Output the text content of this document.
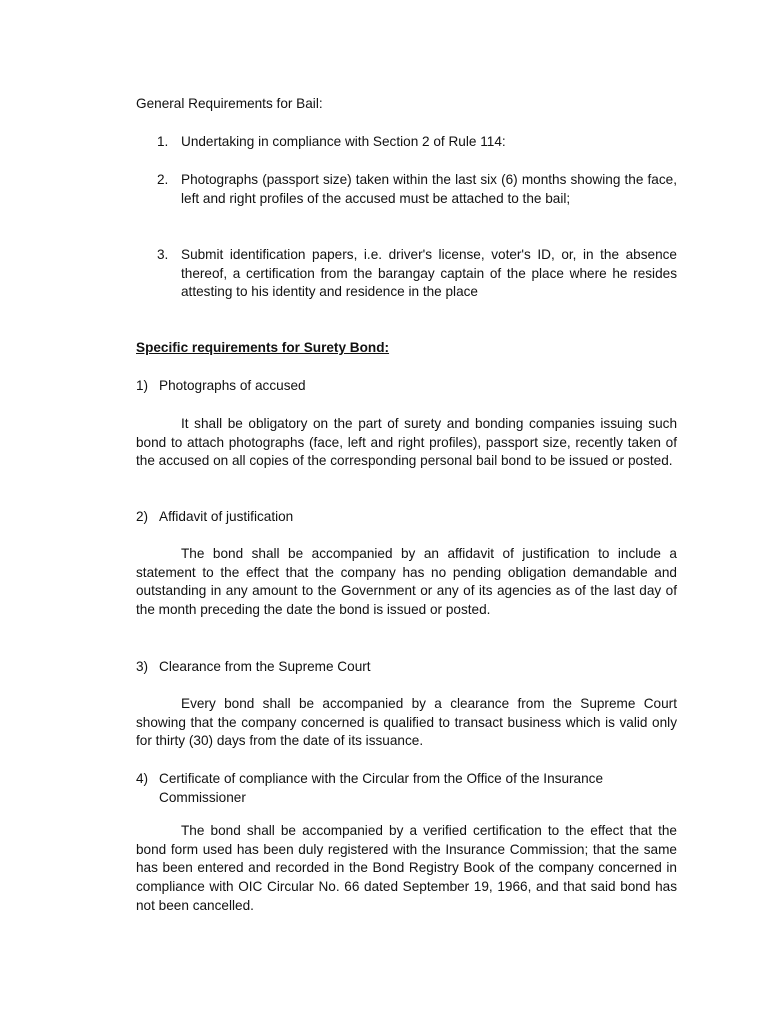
General Requirements for Bail:

1. Undertaking in compliance with Section 2 of Rule 114:
2. Photographs (passport size) taken within the last six (6) months showing the face, left and right profiles of the accused must be attached to the bail;
3. Submit identification papers, i.e. driver's license, voter's ID, or, in the absence thereof, a certification from the barangay captain of the place where he resides attesting to his identity and residence in the place

Specific requirements for Surety Bond:

1) Photographs of accused

It shall be obligatory on the part of surety and bonding companies issuing such bond to attach photographs (face, left and right profiles), passport size, recently taken of the accused on all copies of the corresponding personal bail bond to be issued or posted.

2) Affidavit of justification

The bond shall be accompanied by an affidavit of justification to include a statement to the effect that the company has no pending obligation demandable and outstanding in any amount to the Government or any of its agencies as of the last day of the month preceding the date the bond is issued or posted.

3) Clearance from the Supreme Court

Every bond shall be accompanied by a clearance from the Supreme Court showing that the company concerned is qualified to transact business which is valid only for thirty (30) days from the date of its issuance.

4) Certificate of compliance with the Circular from the Office of the Insurance Commissioner

The bond shall be accompanied by a verified certification to the effect that the bond form used has been duly registered with the Insurance Commission; that the same has been entered and recorded in the Bond Registry Book of the company concerned in compliance with OIC Circular No. 66 dated September 19, 1966, and that said bond has not been cancelled.
